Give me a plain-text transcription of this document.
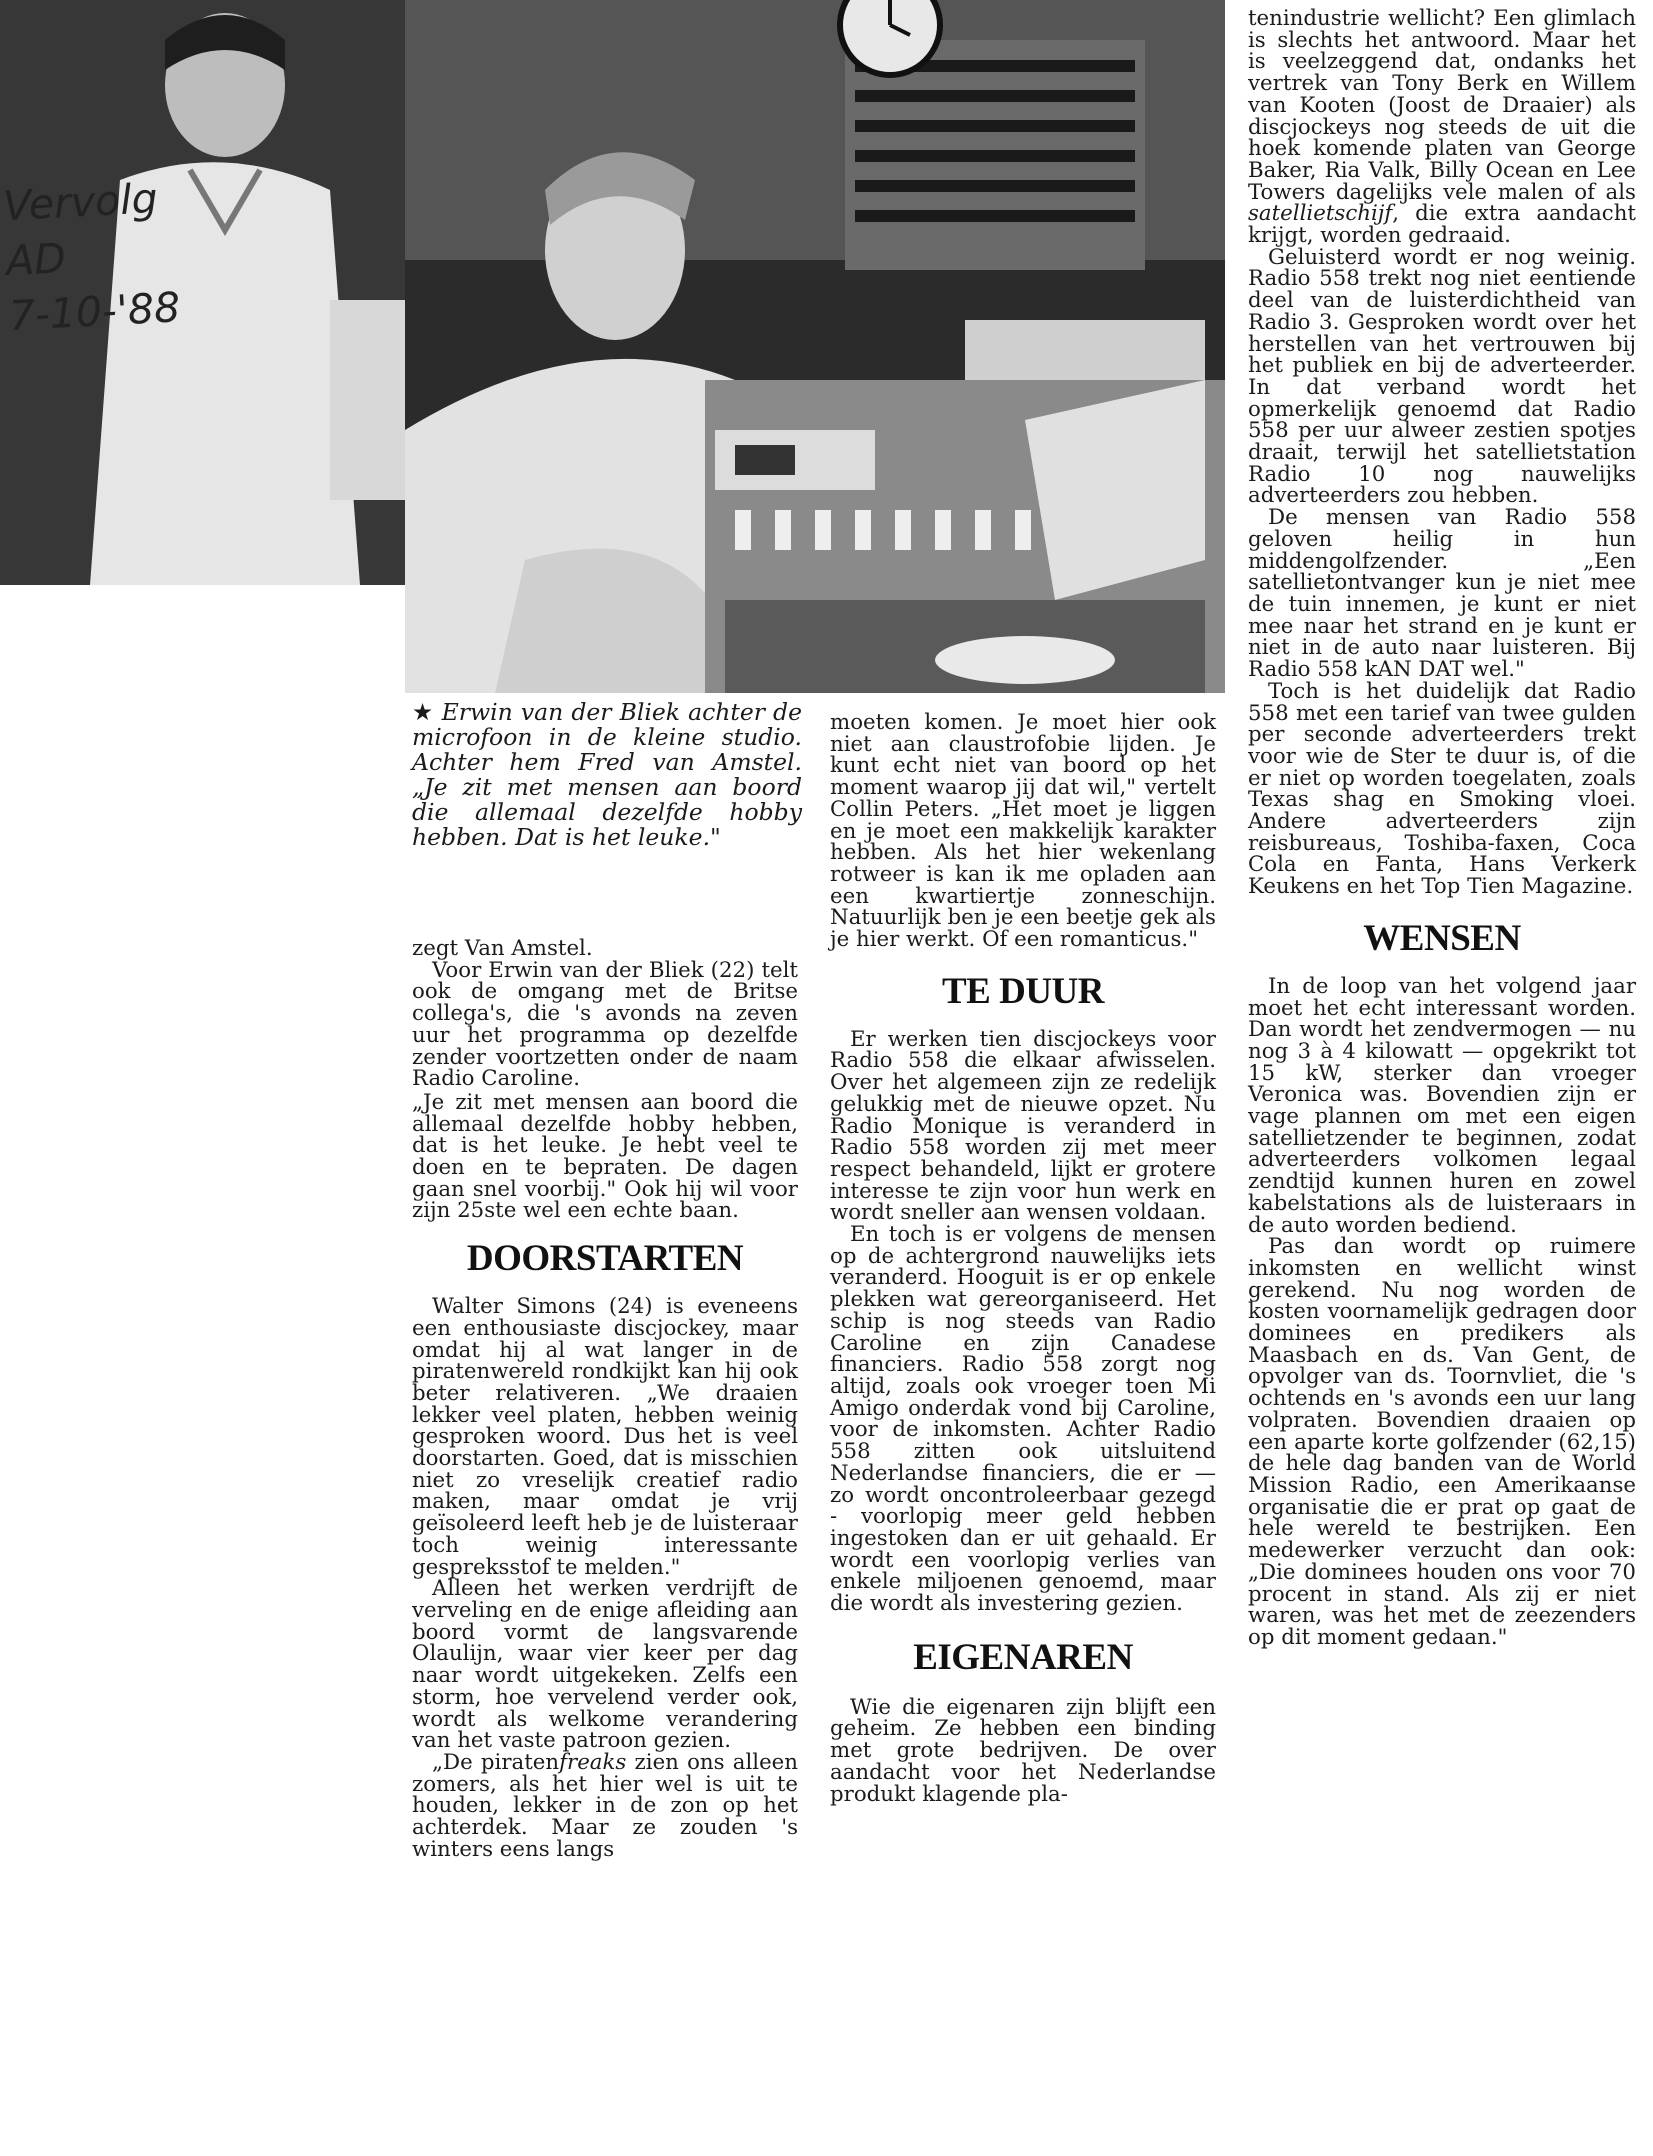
Vervolg
AD
7-10-'88
★ Erwin van der Bliek achter de microfoon in de kleine studio. Achter hem Fred van Amstel. „Je zit met mensen aan boord die allemaal dezelfde hobby hebben. Dat is het leuke."

zegt Van Amstel.

Voor Erwin van der Bliek (22) telt ook de omgang met de Britse collega's, die 's avonds na zeven uur het programma op dezelfde zender voortzetten onder de naam Radio Caroline.

„Je zit met mensen aan boord die allemaal dezelfde hobby hebben, dat is het leuke. Je hebt veel te doen en te bepraten. De dagen gaan snel voorbij." Ook hij wil voor zijn 25ste wel een echte baan.

DOORSTARTEN

Walter Simons (24) is eveneens een enthousiaste discjockey, maar omdat hij al wat langer in de piratenwereld rondkijkt kan hij ook beter relativeren. „We draaien lekker veel platen, hebben weinig gesproken woord. Dus het is veel doorstarten. Goed, dat is misschien niet zo vreselijk creatief radio maken, maar omdat je vrij geïsoleerd leeft heb je de luisteraar toch weinig interessante gespreksstof te melden."

Alleen het werken verdrijft de verveling en de enige afleiding aan boord vormt de langsvarende Olaulijn, waar vier keer per dag naar wordt uitgekeken. Zelfs een storm, hoe vervelend verder ook, wordt als welkome verandering van het vaste patroon gezien.

„De piratenfreaks zien ons alleen zomers, als het hier wel is uit te houden, lekker in de zon op het achterdek. Maar ze zouden 's winters eens langs

moeten komen. Je moet hier ook niet aan claustrofobie lijden. Je kunt echt niet van boord op het moment waarop jij dat wil," vertelt Collin Peters. „Het moet je liggen en je moet een makkelijk karakter hebben. Als het hier wekenlang rotweer is kan ik me opladen aan een kwartiertje zonneschijn. Natuurlijk ben je een beetje gek als je hier werkt. Of een romanticus."

TE DUUR

Er werken tien discjockeys voor Radio 558 die elkaar afwisselen. Over het algemeen zijn ze redelijk gelukkig met de nieuwe opzet. Nu Radio Monique is veranderd in Radio 558 worden zij met meer respect behandeld, lijkt er grotere interesse te zijn voor hun werk en wordt sneller aan wensen voldaan.

En toch is er volgens de mensen op de achtergrond nauwelijks iets veranderd. Hooguit is er op enkele plekken wat gereorganiseerd. Het schip is nog steeds van Radio Caroline en zijn Canadese financiers. Radio 558 zorgt nog altijd, zoals ook vroeger toen Mi Amigo onderdak vond bij Caroline, voor de inkomsten. Achter Radio 558 zitten ook uitsluitend Nederlandse financiers, die er — zo wordt oncontroleerbaar gezegd - voorlopig meer geld hebben ingestoken dan er uit gehaald. Er wordt een voorlopig verlies van enkele miljoenen genoemd, maar die wordt als investering gezien.

EIGENAREN

Wie die eigenaren zijn blijft een geheim. Ze hebben een binding met grote bedrijven. De over aandacht voor het Nederlandse produkt klagende pla-

tenindustrie wellicht? Een glimlach is slechts het antwoord. Maar het is veelzeggend dat, ondanks het vertrek van Tony Berk en Willem van Kooten (Joost de Draaier) als discjockeys nog steeds de uit die hoek komende platen van George Baker, Ria Valk, Billy Ocean en Lee Towers dagelijks vele malen of als satellietschijf, die extra aandacht krijgt, worden gedraaid.

Geluisterd wordt er nog weinig. Radio 558 trekt nog niet eentiende deel van de luisterdichtheid van Radio 3. Gesproken wordt over het herstellen van het vertrouwen bij het publiek en bij de adverteerder. In dat verband wordt het opmerkelijk genoemd dat Radio 558 per uur alweer zestien spotjes draait, terwijl het satellietstation Radio 10 nog nauwelijks adverteerders zou hebben.

De mensen van Radio 558 geloven heilig in hun middengolfzender. „Een satellietontvanger kun je niet mee de tuin innemen, je kunt er niet mee naar het strand en je kunt er niet in de auto naar luisteren. Bij Radio 558 kAN DAT wel."

Toch is het duidelijk dat Radio 558 met een tarief van twee gulden per seconde adverteerders trekt voor wie de Ster te duur is, of die er niet op worden toegelaten, zoals Texas shag en Smoking vloei. Andere adverteerders zijn reisbureaus, Toshiba-faxen, Coca Cola en Fanta, Hans Verkerk Keukens en het Top Tien Magazine.

WENSEN

In de loop van het volgend jaar moet het echt interessant worden. Dan wordt het zendvermogen — nu nog 3 à 4 kilowatt — opgekrikt tot 15 kW, sterker dan vroeger Veronica was. Bovendien zijn er vage plannen om met een eigen satellietzender te beginnen, zodat adverteerders volkomen legaal zendtijd kunnen huren en zowel kabelstations als de luisteraars in de auto worden bediend.

Pas dan wordt op ruimere inkomsten en wellicht winst gerekend. Nu nog worden de kosten voornamelijk gedragen door dominees en predikers als Maasbach en ds. Van Gent, de opvolger van ds. Toornvliet, die 's ochtends en 's avonds een uur lang volpraten. Bovendien draaien op een aparte korte golfzender (62,15) de hele dag banden van de World Mission Radio, een Amerikaanse organisatie die er prat op gaat de hele wereld te bestrijken. Een medewerker verzucht dan ook: „Die dominees houden ons voor 70 procent in stand. Als zij er niet waren, was het met de zeezenders op dit moment gedaan."
